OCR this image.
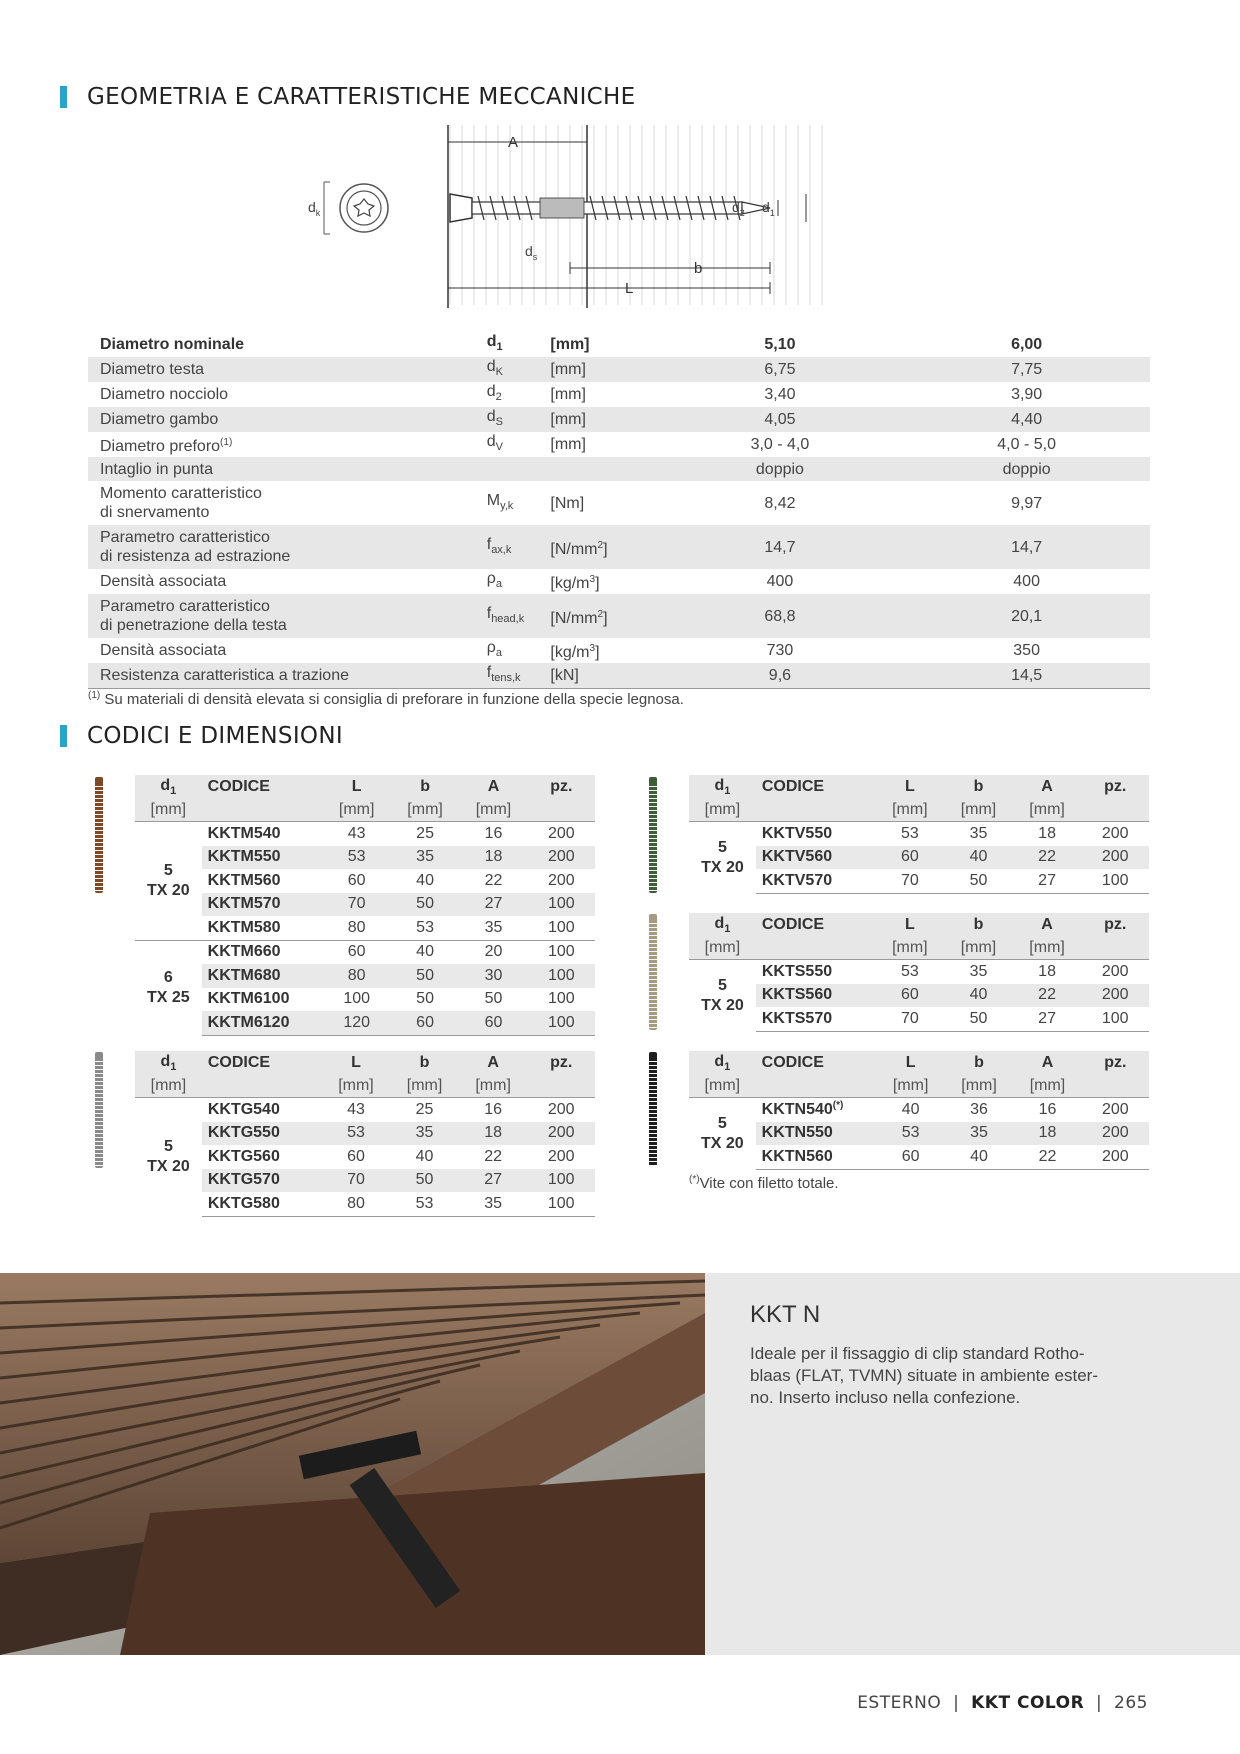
GEOMETRIA E CARATTERISTICHE MECCANICHE
$d_k$
A
$d_2$ $d_1$
$d_s$
b
L
Diametro nominale	$d_1$	[mm]	5,10	6,00
Diametro testa	$d_K$	[mm]	6,75	7,75
Diametro nocciolo	$d_2$	[mm]	3,40	3,90
Diametro gambo	$d_S$	[mm]	4,05	4,40
Diametro preforo$^{(1)}$	$d_V$	[mm]	3,0 - 4,0	4,0 - 5,0
Intaglio in punta			doppio	doppio
Momento caratteristico
di snervamento	$M_{y,k}$	[Nm]	8,42	9,97
Parametro caratteristico
di resistenza ad estrazione	$f_{ax,k}$	$[N/mm^2]$	14,7	14,7
Densità associata	$\rho_a$	$[kg/m^3]$	400	400
Parametro caratteristico
di penetrazione della testa	$f_{head,k}$	$[N/mm^2]$	68,8	20,1
Densità associata	$\rho_a$	$[kg/m^3]$	730	350
Resistenza caratteristica a trazione	$f_{tens,k}$	[kN]	9,6	14,5
$^{(1)}$ Su materiali di densità elevata si consiglia di preforare in funzione della specie legnosa.
CODICI E DIMENSIONI
$d_1$	CODICE	L	b	A	pz.
[mm]		[mm]	[mm]	[mm]	

5
TX 20	KKTM540	43	25	16	200
	KKTM550	53	35	18	200
	KKTM560	60	40	22	200
	KKTM570	70	50	27	100
	KKTM580	80	53	35	100

6
TX 25	KKTM660	60	40	20	100
	KKTM680	80	50	30	100
	KKTM6100	100	50	50	100
	KKTM6120	120	60	60	100
$d_1$	CODICE	L	b	A	pz.
[mm]		[mm]	[mm]	[mm]	

5
TX 20	KKTG540	43	25	16	200
	KKTG550	53	35	18	200
	KKTG560	60	40	22	200
	KKTG570	70	50	27	100
	KKTG580	80	53	35	100
$d_1$	CODICE	L	b	A	pz.
[mm]		[mm]	[mm]	[mm]	

5
TX 20	KKTV550	53	35	18	200
	KKTV560	60	40	22	200
	KKTV570	70	50	27	100
$d_1$	CODICE	L	b	A	pz.
[mm]		[mm]	[mm]	[mm]	

5
TX 20	KKTS550	53	35	18	200
	KKTS560	60	40	22	200
	KKTS570	70	50	27	100
$d_1$	CODICE	L	b	A	pz.
[mm]		[mm]	[mm]	[mm]	

5
TX 20	KKTN540(*)	40	36	16	200
	KKTN550	53	35	18	200
	KKTN560	60	40	22	200
(*)Vite con filetto totale.
KKT N
Ideale per il fissaggio di clip standard Rotho-
blaas (FLAT, TVMN) situate in ambiente ester-
no. Inserto incluso nella confezione.
ESTERNO | KKT COLOR | 265
